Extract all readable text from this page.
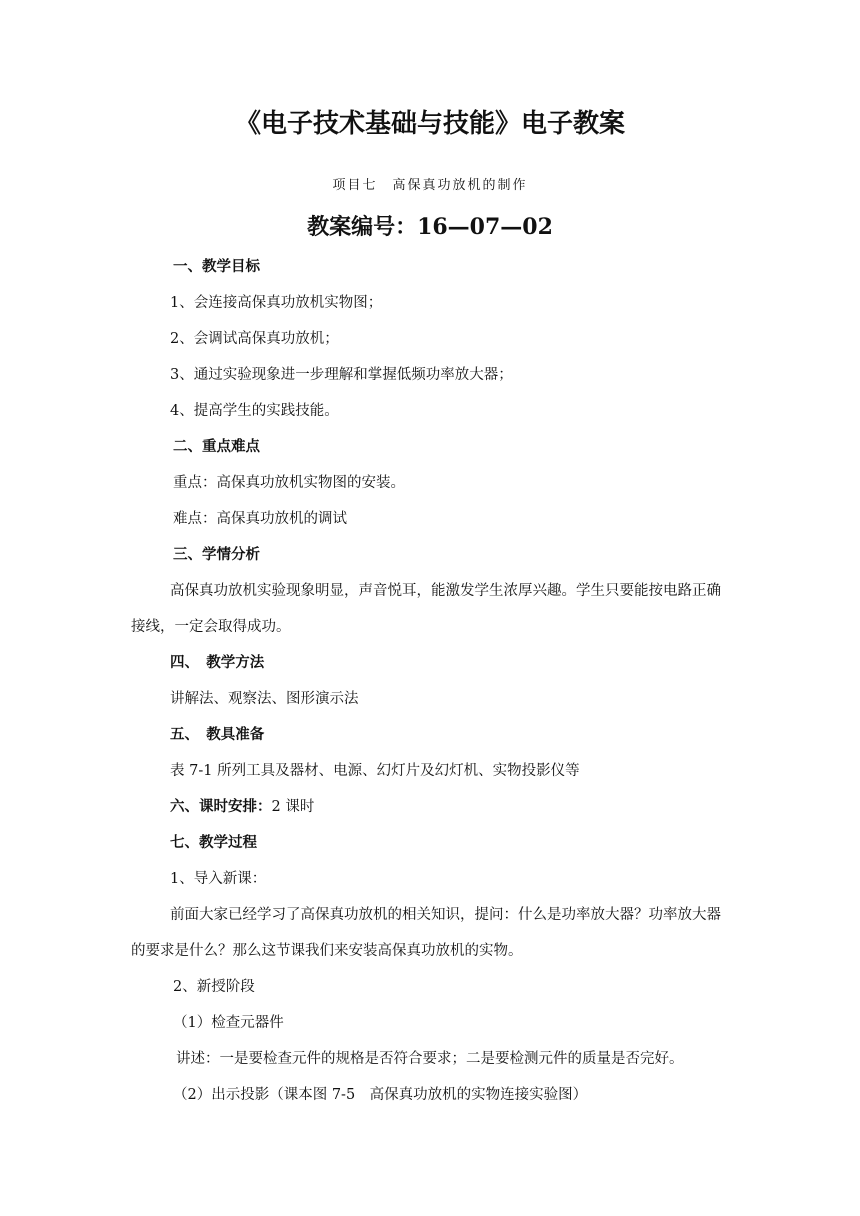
《电子技术基础与技能》电子教案
项目七　高保真功放机的制作
教案编号：16—07—02
一、教学目标
1、会连接高保真功放机实物图；
2、会调试高保真功放机；
3、通过实验现象进一步理解和掌握低频功率放大器；
4、提高学生的实践技能。
二、重点难点
重点：高保真功放机实物图的安装。
难点：高保真功放机的调试
三、学情分析
高保真功放机实验现象明显，声音悦耳，能激发学生浓厚兴趣。学生只要能按电路正确接线，一定会取得成功。
四、　教学方法
讲解法、观察法、图形演示法
五、　教具准备
表 7-1 所列工具及器材、电源、幻灯片及幻灯机、实物投影仪等
六、课时安排：2 课时
七、教学过程
1、导入新课：
前面大家已经学习了高保真功放机的相关知识，提问：什么是功率放大器？功率放大器的要求是什么？那么这节课我们来安装高保真功放机的实物。
2、新授阶段
（1）检查元器件
讲述：一是要检查元件的规格是否符合要求；二是要检测元件的质量是否完好。
（2）出示投影（课本图 7-5　高保真功放机的实物连接实验图）
